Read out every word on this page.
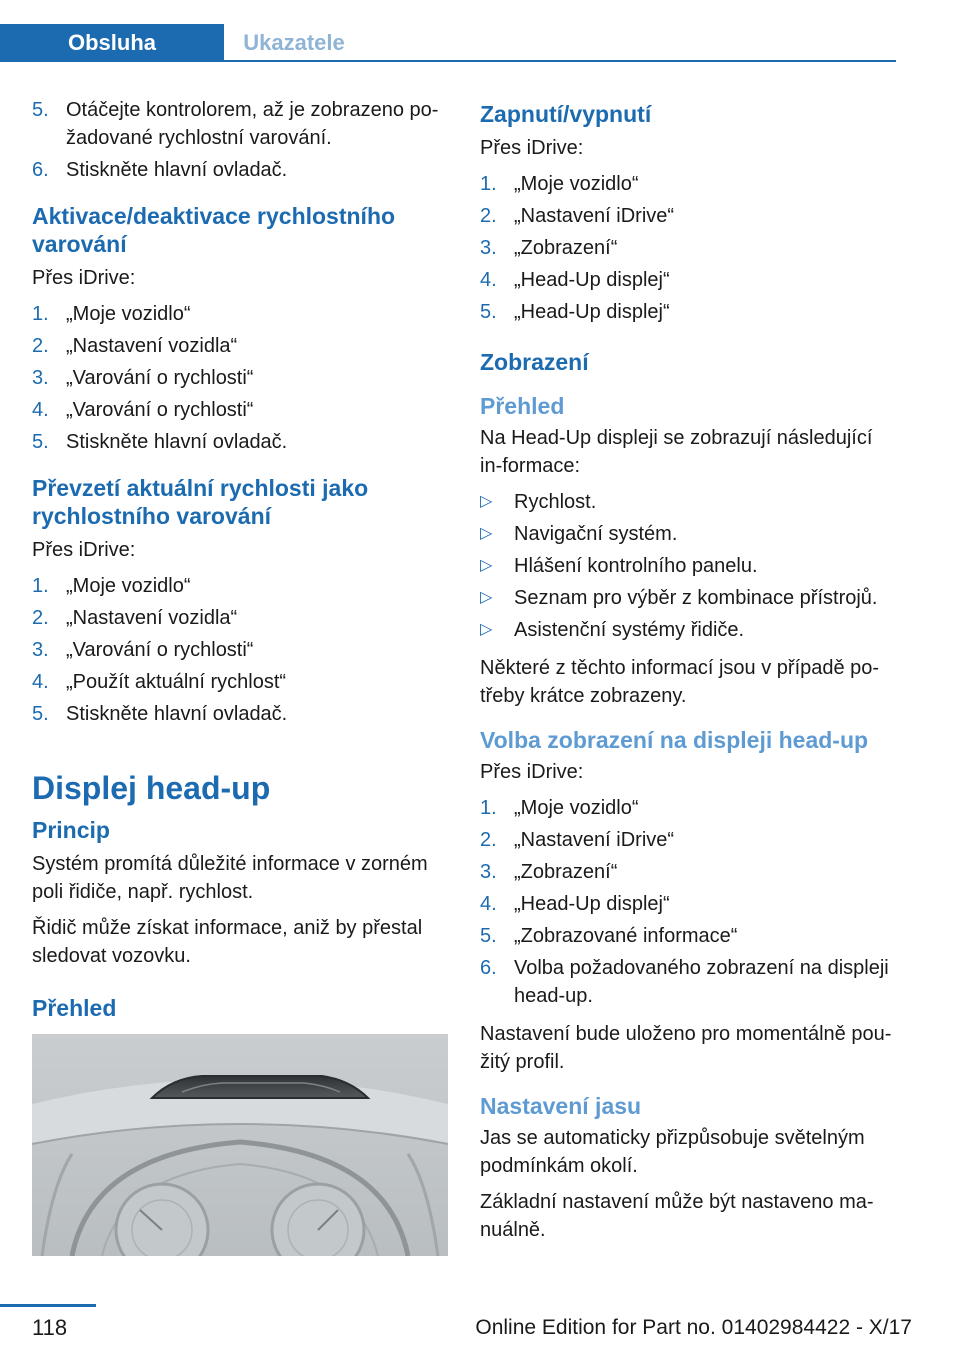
Obsluha	Ukazatele
5. Otáčejte kontrolorem, až je zobrazeno po‐žadované rychlostní varování.
6. Stiskněte hlavní ovladač.
Aktivace/deaktivace rychlostního varování

Přes iDrive:

1. „Moje vozidlo“
2. „Nastavení vozidla“
3. „Varování o rychlosti“
4. „Varování o rychlosti“
5. Stiskněte hlavní ovladač.
Převzetí aktuální rychlosti jako rychlostního varování

Přes iDrive:

1. „Moje vozidlo“
2. „Nastavení vozidla“
3. „Varování o rychlosti“
4. „Použít aktuální rychlost“
5. Stiskněte hlavní ovladač.
Displej head-up
Princip

Systém promítá důležité informace v zorném poli řidiče, např. rychlost.

Řidič může získat informace, aniž by přestal sledovat vozovku.

Přehled
Zapnutí/vypnutí

Přes iDrive:

1. „Moje vozidlo“
2. „Nastavení iDrive“
3. „Zobrazení“
4. „Head-Up displej“
5. „Head-Up displej“
Zobrazení
Přehled

Na Head-Up displeji se zobrazují následující in‐formace:

▷ Rychlost.
▷ Navigační systém.
▷ Hlášení kontrolního panelu.
▷ Seznam pro výběr z kombinace přístrojů.
▷ Asistenční systémy řidiče.

Některé z těchto informací jsou v případě po‐třeby krátce zobrazeny.

Volba zobrazení na displeji head-up

Přes iDrive:

1. „Moje vozidlo“
2. „Nastavení iDrive“
3. „Zobrazení“
4. „Head-Up displej“
5. „Zobrazované informace“
6. Volba požadovaného zobrazení na displeji head-up.

Nastavení bude uloženo pro momentálně pou‐žitý profil.

Nastavení jasu

Jas se automaticky přizpůsobuje světelným podmínkám okolí.

Základní nastavení může být nastaveno ma‐nuálně.

118	Online Edition for Part no. 01402984422 - X/17
